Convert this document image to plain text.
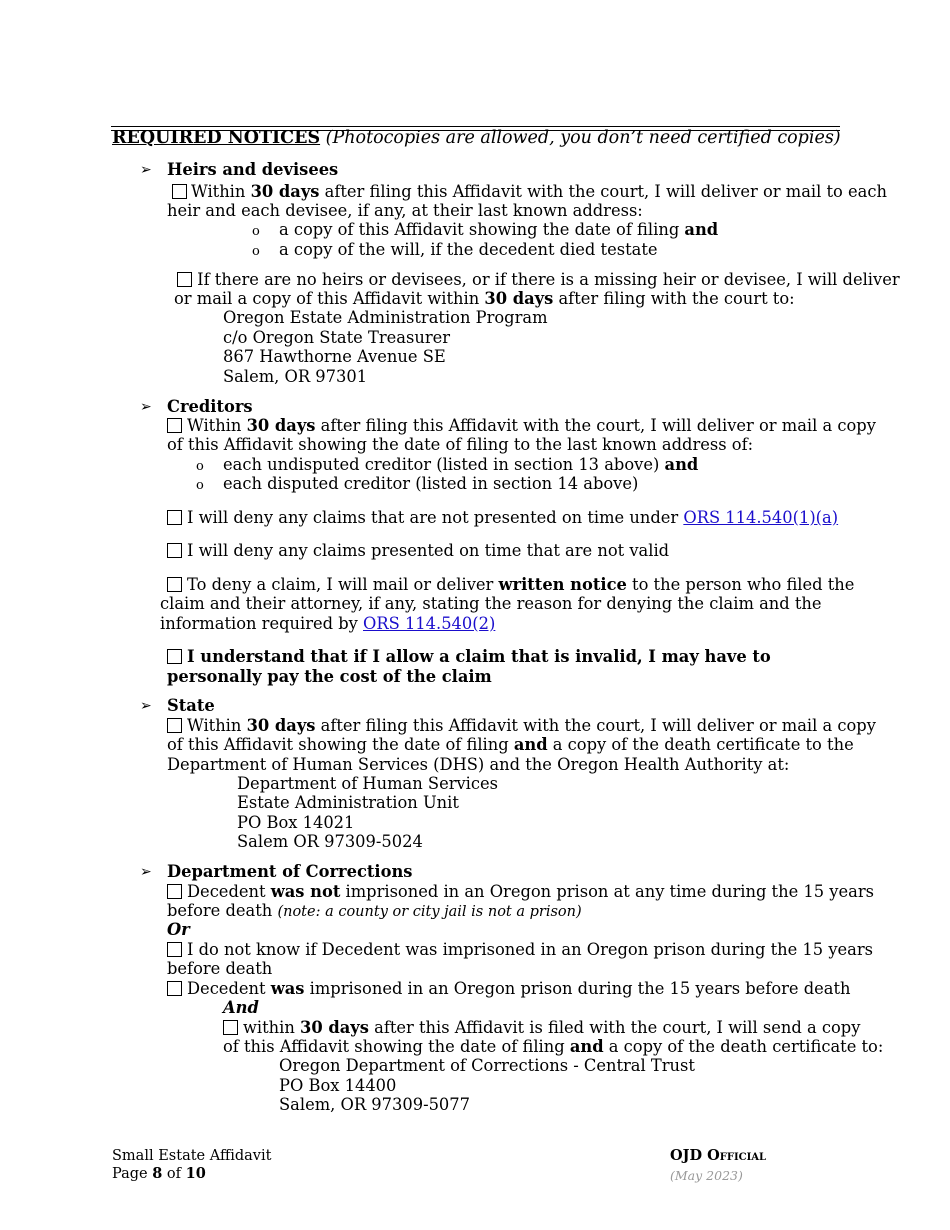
REQUIRED NOTICES (Photocopies are allowed, you don’t need certified copies)
➢ Heirs and devisees
Within 30 days after filing this Affidavit with the court, I will deliver or mail to each
heir and each devisee, if any, at their last known address:
o a copy of this Affidavit showing the date of filing and
o a copy of the will, if the decedent died testate
If there are no heirs or devisees, or if there is a missing heir or devisee, I will deliver
or mail a copy of this Affidavit within 30 days after filing with the court to:
Oregon Estate Administration Program
c/o Oregon State Treasurer
867 Hawthorne Avenue SE
Salem, OR 97301
➢ Creditors
Within 30 days after filing this Affidavit with the court, I will deliver or mail a copy
of this Affidavit showing the date of filing to the last known address of:
o each undisputed creditor (listed in section 13 above) and
o each disputed creditor (listed in section 14 above)
I will deny any claims that are not presented on time under ORS 114.540(1)(a)
I will deny any claims presented on time that are not valid
To deny a claim, I will mail or deliver written notice to the person who filed the
claim and their attorney, if any, stating the reason for denying the claim and the
information required by ORS 114.540(2)
I understand that if I allow a claim that is invalid, I may have to
personally pay the cost of the claim
➢ State
Within 30 days after filing this Affidavit with the court, I will deliver or mail a copy
of this Affidavit showing the date of filing and a copy of the death certificate to the
Department of Human Services (DHS) and the Oregon Health Authority at:
Department of Human Services
Estate Administration Unit
PO Box 14021
Salem OR 97309-5024
➢ Department of Corrections
Decedent was not imprisoned in an Oregon prison at any time during the 15 years
before death (note: a county or city jail is not a prison)
Or
I do not know if Decedent was imprisoned in an Oregon prison during the 15 years
before death
Decedent was imprisoned in an Oregon prison during the 15 years before death
And
within 30 days after this Affidavit is filed with the court, I will send a copy
of this Affidavit showing the date of filing and a copy of the death certificate to:
Oregon Department of Corrections - Central Trust
PO Box 14400
Salem, OR 97309-5077
Small Estate Affidavit
Page 8 of 10
OJD Official
(May 2023)
